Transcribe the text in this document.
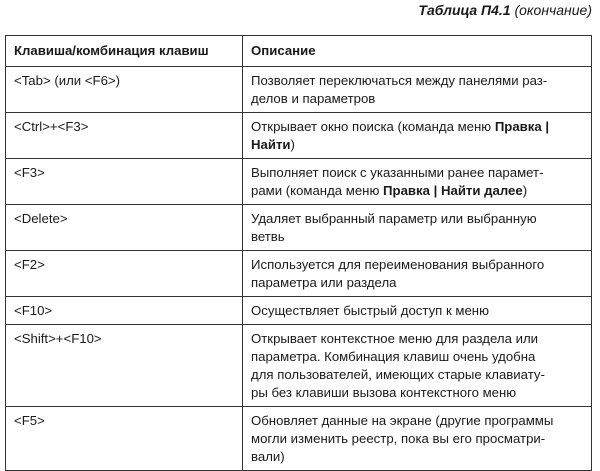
Таблица П4.1 (окончание)
Клавиша/комбинация клавиш	Описание
<Tab> (или <F6>)	Позволяет переключаться между панелями раз-
делов и параметров

<Ctrl>+<F3>	Открывает окно поиска (команда меню Правка |
Найти)

<F3>	Выполняет поиск с указанными ранее парамет-
рами (команда меню Правка | Найти далее)

<Delete>	Удаляет выбранный параметр или выбранную
ветвь

<F2>	Используется для переименования выбранного
параметра или раздела

<F10>	Осуществляет быстрый доступ к меню

<Shift>+<F10>	Открывает контекстное меню для раздела или
параметра. Комбинация клавиш очень удобна
для пользователей, имеющих старые клавиату-
ры без клавиши вызова контекстного меню

<F5>	Обновляет данные на экране (другие программы
могли изменить реестр, пока вы его просматри-
вали)
